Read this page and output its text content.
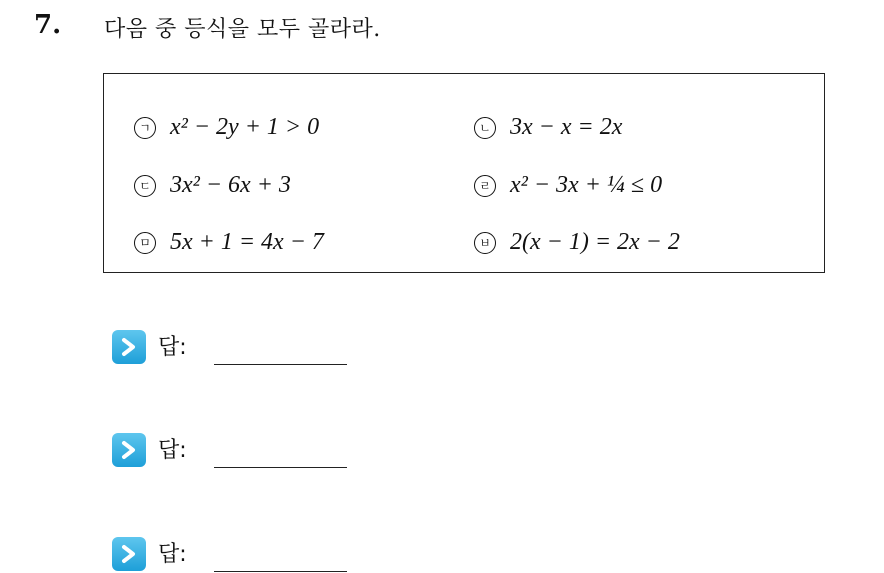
7. 다음 중 등식을 모두 골라라.
ㄱ x² − 2y + 1 > 0	ㄴ 3x − x = 2x
ㄷ 3x² − 6x + 3	ㄹ x² − 3x + ¼ ≤ 0
ㅁ 5x + 1 = 4x − 7	ㅂ 2(x − 1) = 2x − 2
답:
답:
답:
